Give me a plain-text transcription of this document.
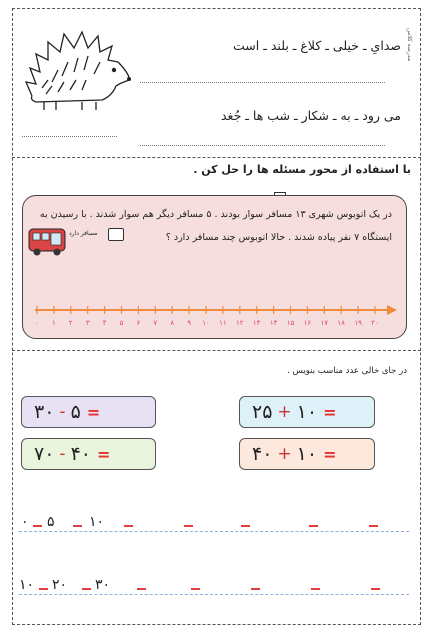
مدرسه کلاس
صدایِ ـ خیلی ـ کلاغ ـ بلند ـ است
می رود ـ به ـ شکار ـ شب ها ـ جُغد
با استفاده از محور مسئله ها را حل کن .
در یک اتوبوس شهری ۱۳ مسافر سوار بودند . ۵ مسافر دیگر هم سوار شدند . با رسیدن به
ایستگاه ۷ نفر پیاده شدند . حالا اتوبوس چند مسافر دارد ؟
مسافر دارد
۰ ۱ ۲ ۳ ۴ ۵ ۶ ۷ ۸ ۹ ۱۰ ۱۱ ۱۲ ۱۳ ۱۴ ۱۵ ۱۶ ۱۷ ۱۸ ۱۹ ۲۰
در جای خالی عدد مناسب بنویس .
۲۵ + ۱۰ =
۳۰ - ۵ =
۴۰ + ۱۰ =
۷۰ - ۴۰ =
۰ ۵ ۱۰
۱۰ ۲۰ ۳۰
